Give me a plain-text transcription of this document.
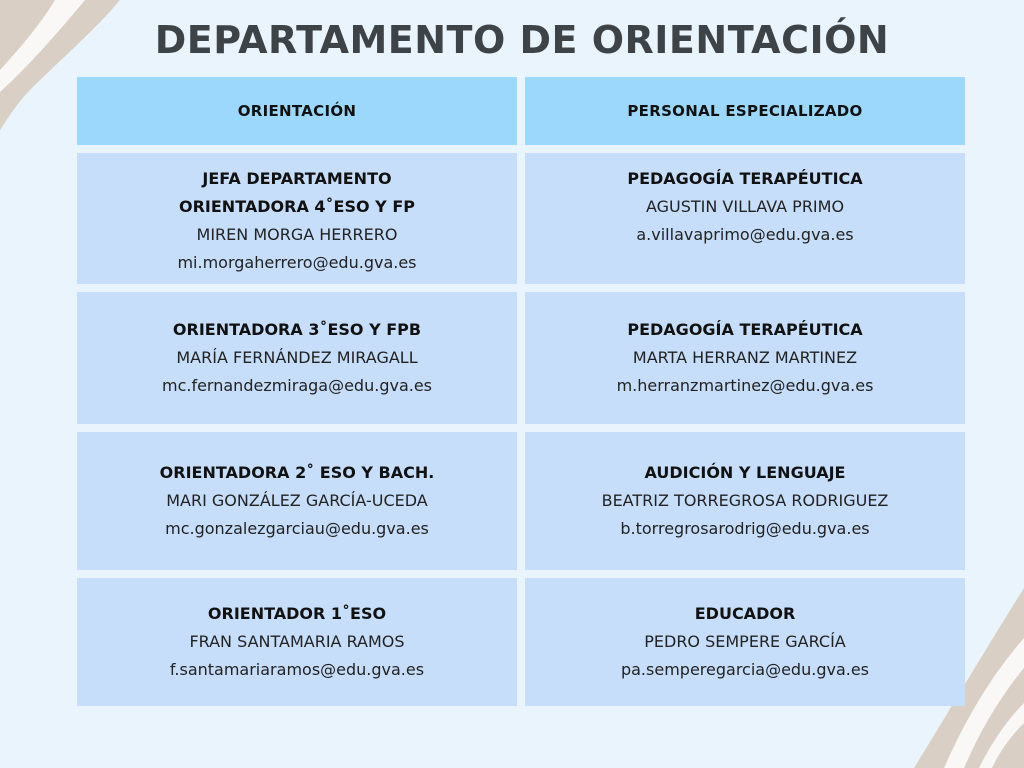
DEPARTAMENTO DE ORIENTACIÓN
ORIENTACIÓN	PERSONAL ESPECIALIZADO
JEFA DEPARTAMENTO
ORIENTADORA 4˚ESO Y FP
MIREN MORGA HERRERO
mi.morgaherrero@edu.gva.es
PEDAGOGÍA TERAPÉUTICA
AGUSTIN VILLAVA PRIMO
a.villavaprimo@edu.gva.es
ORIENTADORA 3˚ESO Y FPB
MARÍA FERNÁNDEZ MIRAGALL
mc.fernandezmiraga@edu.gva.es
PEDAGOGÍA TERAPÉUTICA
MARTA HERRANZ MARTINEZ
m.herranzmartinez@edu.gva.es
ORIENTADORA 2˚ ESO Y BACH.
MARI GONZÁLEZ GARCÍA-UCEDA
mc.gonzalezgarciau@edu.gva.es
AUDICIÓN Y LENGUAJE
BEATRIZ TORREGROSA RODRIGUEZ
b.torregrosarodrig@edu.gva.es
ORIENTADOR 1˚ESO
FRAN SANTAMARIA RAMOS
f.santamariaramos@edu.gva.es
EDUCADOR
PEDRO SEMPERE GARCÍA
pa.semperegarcia@edu.gva.es
